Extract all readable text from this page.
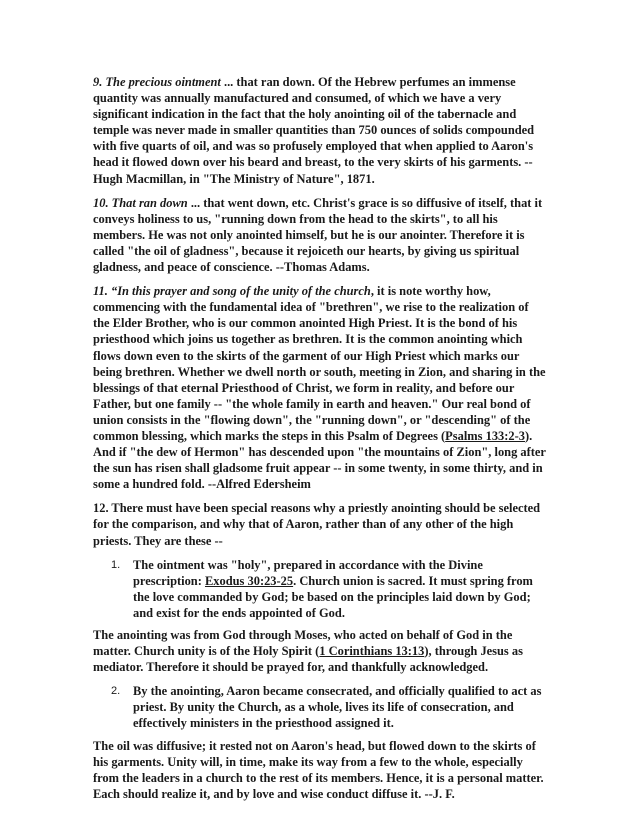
9. The precious ointment ... that ran down. Of the Hebrew perfumes an immense quantity was annually manufactured and consumed, of which we have a very significant indication in the fact that the holy anointing oil of the tabernacle and temple was never made in smaller quantities than 750 ounces of solids compounded with five quarts of oil, and was so profusely employed that when applied to Aaron's head it flowed down over his beard and breast, to the very skirts of his garments. --Hugh Macmillan, in "The Ministry of Nature", 1871.

10. That ran down ... that went down, etc. Christ's grace is so diffusive of itself, that it conveys holiness to us, "running down from the head to the skirts", to all his members. He was not only anointed himself, but he is our anointer. Therefore it is called "the oil of gladness", because it rejoiceth our hearts, by giving us spiritual gladness, and peace of conscience. --Thomas Adams.

11. “In this prayer and song of the unity of the church, it is note worthy how, commencing with the fundamental idea of "brethren", we rise to the realization of the Elder Brother, who is our common anointed High Priest. It is the bond of his priesthood which joins us together as brethren. It is the common anointing which flows down even to the skirts of the garment of our High Priest which marks our being brethren. Whether we dwell north or south, meeting in Zion, and sharing in the blessings of that eternal Priesthood of Christ, we form in reality, and before our Father, but one family -- "the whole family in earth and heaven." Our real bond of union consists in the "flowing down", the "running down", or "descending" of the common blessing, which marks the steps in this Psalm of Degrees (Psalms 133:2-3). And if "the dew of Hermon" has descended upon "the mountains of Zion", long after the sun has risen shall gladsome fruit appear -- in some twenty, in some thirty, and in some a hundred fold. --Alfred Edersheim

12. There must have been special reasons why a priestly anointing should be selected for the comparison, and why that of Aaron, rather than of any other of the high priests. They are these --

1. The ointment was "holy", prepared in accordance with the Divine prescription: Exodus 30:23-25. Church union is sacred. It must spring from the love commanded by God; be based on the principles laid down by God; and exist for the ends appointed of God.

The anointing was from God through Moses, who acted on behalf of God in the matter. Church unity is of the Holy Spirit (1 Corinthians 13:13), through Jesus as mediator. Therefore it should be prayed for, and thankfully acknowledged.

2. By the anointing, Aaron became consecrated, and officially qualified to act as priest. By unity the Church, as a whole, lives its life of consecration, and effectively ministers in the priesthood assigned it.

The oil was diffusive; it rested not on Aaron's head, but flowed down to the skirts of his garments. Unity will, in time, make its way from a few to the whole, especially from the leaders in a church to the rest of its members. Hence, it is a personal matter. Each should realize it, and by love and wise conduct diffuse it. --J. F.
